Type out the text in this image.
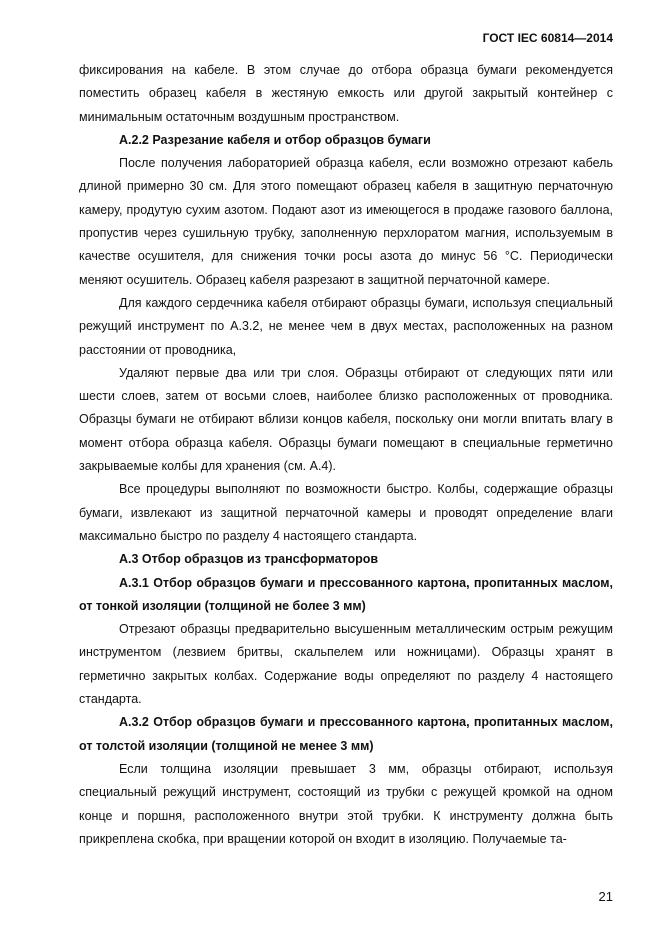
ГОСТ IEC 60814—2014

фиксирования на кабеле. В этом случае до отбора образца бумаги рекомендуется поместить образец кабеля в жестяную емкость или другой закрытый контейнер с минимальным остаточным воздушным пространством.

А.2.2 Разрезание кабеля и отбор образцов бумаги

После получения лабораторией образца кабеля, если возможно отрезают кабель длиной примерно 30 см. Для этого помещают образец кабеля в защитную перчаточную камеру, продутую сухим азотом. Подают азот из имеющегося в продаже газового баллона, пропустив через сушильную трубку, заполненную перхлоратом магния, используемым в качестве осушителя, для снижения точки росы азота до минус 56 °С. Периодически меняют осушитель. Образец кабеля разрезают в защитной перчаточной камере.

Для каждого сердечника кабеля отбирают образцы бумаги, используя специальный режущий инструмент по А.3.2, не менее чем в двух местах, расположенных на разном расстоянии от проводника,

Удаляют первые два или три слоя. Образцы отбирают от следующих пяти или шести слоев, затем от восьми слоев, наиболее близко расположенных от проводника. Образцы бумаги не отбирают вблизи концов кабеля, поскольку они могли впитать влагу в момент отбора образца кабеля. Образцы бумаги помещают в специальные герметично закрываемые колбы для хранения (см. А.4).

Все процедуры выполняют по возможности быстро. Колбы, содержащие образцы бумаги, извлекают из защитной перчаточной камеры и проводят определение влаги максимально быстро по разделу 4 настоящего стандарта.

А.3 Отбор образцов из трансформаторов

А.3.1 Отбор образцов бумаги и прессованного картона, пропитанных маслом, от тонкой изоляции (толщиной не более 3 мм)

Отрезают образцы предварительно высушенным металлическим острым режущим инструментом (лезвием бритвы, скальпелем или ножницами). Образцы хранят в герметично закрытых колбах. Содержание воды определяют по разделу 4 настоящего стандарта.

А.3.2 Отбор образцов бумаги и прессованного картона, пропитанных маслом, от толстой изоляции (толщиной не менее 3 мм)

Если толщина изоляции превышает 3 мм, образцы отбирают, используя специальный режущий инструмент, состоящий из трубки с режущей кромкой на одном конце и поршня, расположенного внутри этой трубки. К инструменту должна быть прикреплена скобка, при вращении которой он входит в изоляцию. Получаемые та-

21
